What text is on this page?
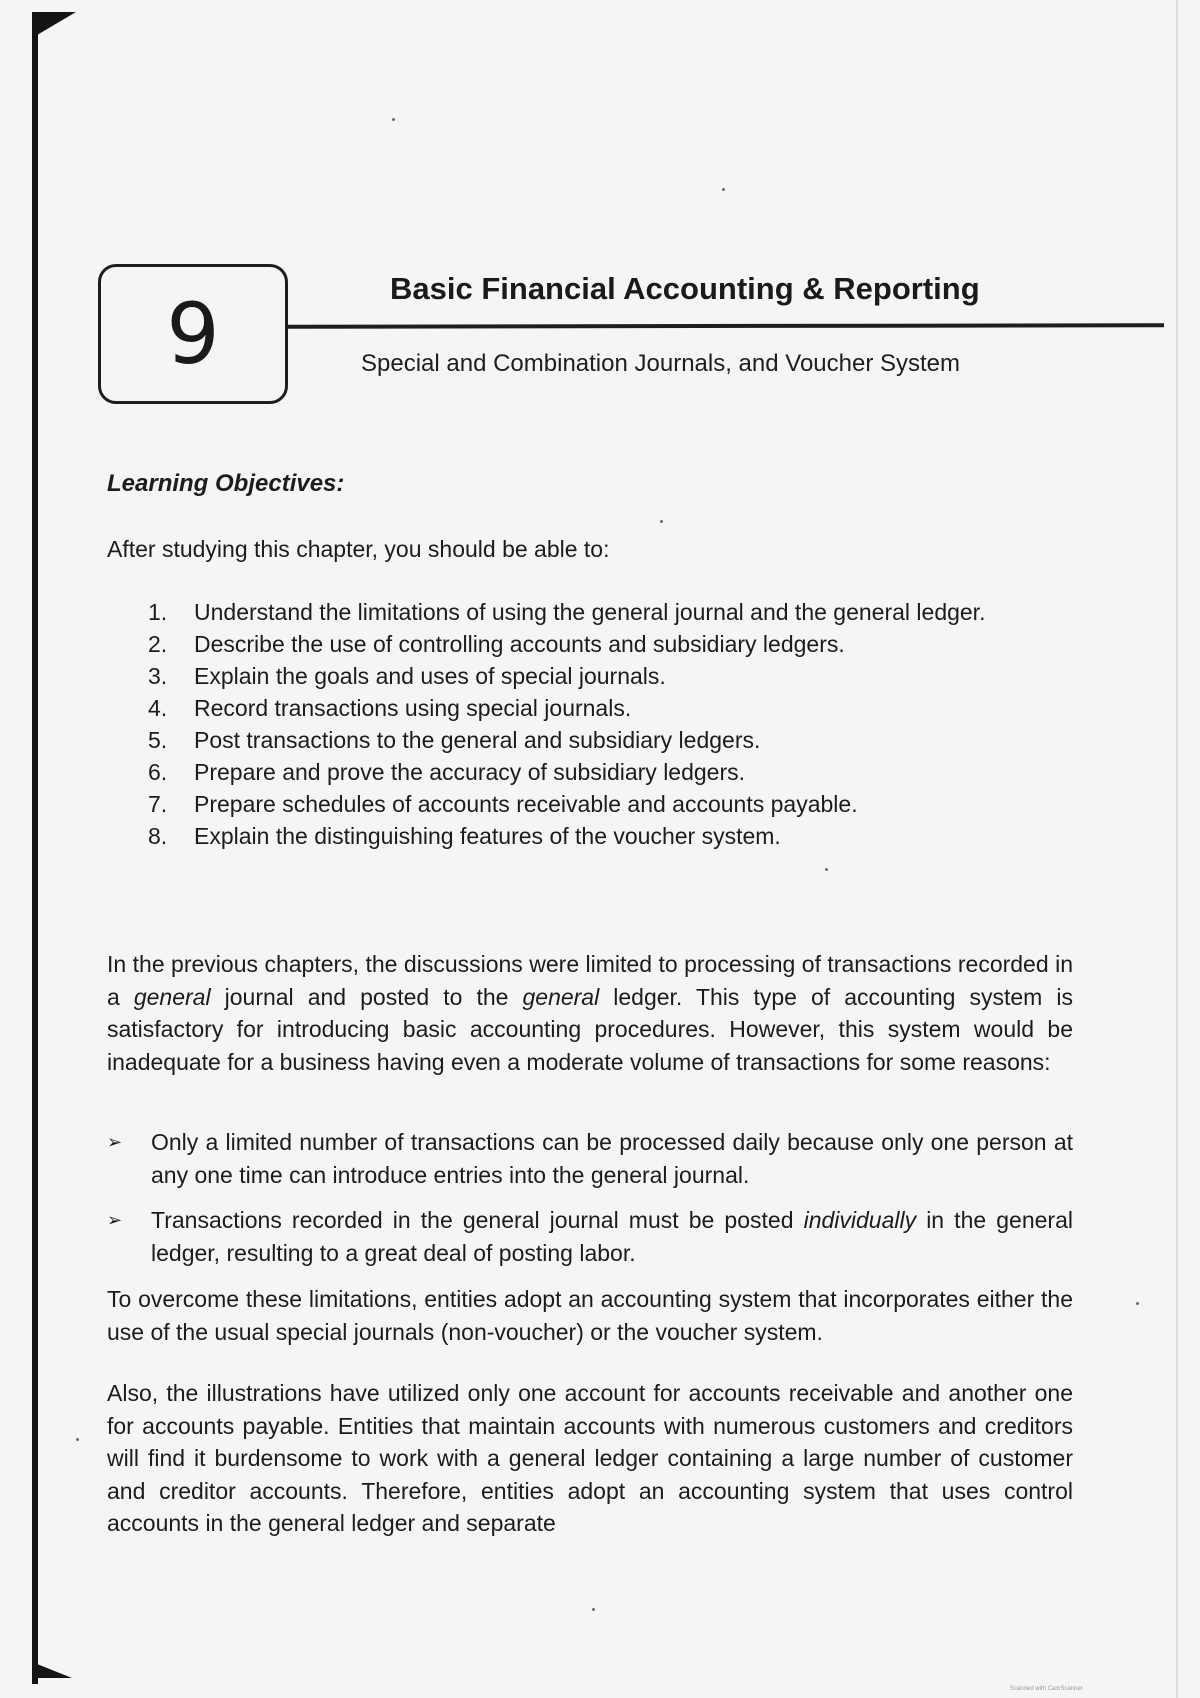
9	Basic Financial Accounting & Reporting
Special and Combination Journals, and Voucher System
Learning Objectives:
After studying this chapter, you should be able to:
1.	Understand the limitations of using the general journal and the general ledger.
2.	Describe the use of controlling accounts and subsidiary ledgers.
3.	Explain the goals and uses of special journals.
4.	Record transactions using special journals.
5.	Post transactions to the general and subsidiary ledgers.
6.	Prepare and prove the accuracy of subsidiary ledgers.
7.	Prepare schedules of accounts receivable and accounts payable.
8.	Explain the distinguishing features of the voucher system.

In the previous chapters, the discussions were limited to processing of transactions recorded in a general journal and posted to the general ledger. This type of accounting system is satisfactory for introducing basic accounting procedures. However, this system would be inadequate for a business having even a moderate volume of transactions for some reasons:

➢	Only a limited number of transactions can be processed daily because only one person at any one time can introduce entries into the general journal.
➢	Transactions recorded in the general journal must be posted individually in the general ledger, resulting to a great deal of posting labor.

To overcome these limitations, entities adopt an accounting system that incorporates either the use of the usual special journals (non-voucher) or the voucher system.

Also, the illustrations have utilized only one account for accounts receivable and another one for accounts payable. Entities that maintain accounts with numerous customers and creditors will find it burdensome to work with a general ledger containing a large number of customer and creditor accounts. Therefore, entities adopt an accounting system that uses control accounts in the general ledger and separate

Scanned with CamScanner
